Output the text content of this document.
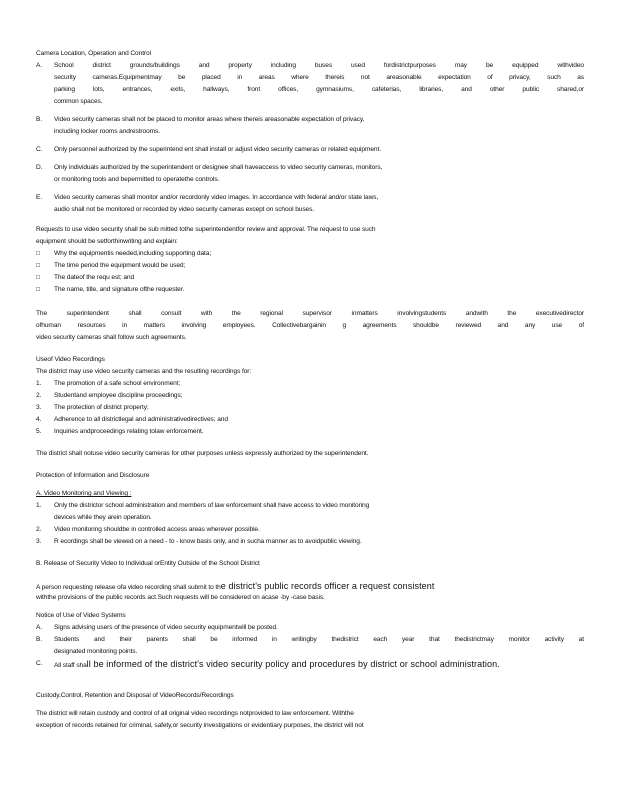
Camera Location, Operation and Control
A. School district grounds/buildings and property including buses used fordistrictpurposes may be equipped withvideo
security cameras.Equipmentmay be placed in areas where thereis not areasonable expectation of privacy, such as
parking lots, entrances, exits, hallways, front offices, gymnasiums, cafeterias, libraries, and other public shared,or
common spaces.
B. Video security cameras shall not be placed to monitor areas where thereis areasonable expectation of privacy,
including locker rooms andrestrooms.
C. Only personnel authorized by the superintend ent shall install or adjust video security cameras or related equipment.
D. Only individuals authorized by the superintendent or designee shall haveaccess to video security cameras, monitors,
or monitoring tools and bepermitted to operatethe controls.
E. Video security cameras shall monitor and/or recordonly video images. In accordance with federal and/or state laws,
audio shall not be monitored or recorded by video security cameras except on school buses.
Requests to use video security shall be sub mitted tothe superintendentfor review and approval. The request to use such
equipment should be setforthinwriting and explain:
□ Why the equipmentis needed,including supporting data;
□ The time period the equipment would be used;
□ The dateof the requ est; and
□ The name, title, and signature ofthe requester.
The superintendent shall consult with the regional supervisor inmatters involvingstudents andwith the executivedirector
ofhuman resources in matters involving employees. Collectivebargainin g agreements shouldbe reviewed and any use of
video security cameras shall follow such agreements.
Useof Video Recordings
The district may use video security cameras and the resulting recordings for:
1. The promotion of a safe school environment;
2. Studentand employee discipline proceedings;
3. The protection of district property;
4. Adherence to all districtlegal and administrativedirectives; and
5. Inquiries andproceedings relating tolaw enforcement.
The district shall notuse video security cameras for other purposes unless expressly authorized by the superintendent.
Protection of Information and Disclosure
A. Video Monitoring and Viewing :
1. Only the districtor school administration and members of law enforcement shall have access to video monitoring
devices while they arein operation.
2. Video monitoring shouldbe in controlled access areas wherever possible.
3. R ecordings shall be viewed on a need - to - know basis only, and in sucha manner as to avoidpublic viewing.
B. Release of Security Video to Individual orEntity Outside of the School District
A person requesting release ofa video recording shall submit to the district's public records officer a request consistent
withthe provisions of the public records act.Such requests will be considered on acase -by -case basis.
Notice of Use of Video Systems
A. Signs advising users of the presence of video security equipmentwill be posted.
B. Students and their parents shall be informed in writingby thedistrict each year that thedistrictmay monitor activity at
designated monitoring points.
C. All staff shall be informed of the district's video security policy and procedures by district or school administration.
Custody,Control, Retention and Disposal of VideoRecords/Recordings
The district will retain custody and control of all original video recordings notprovided to law enforcement. Withthe
exception of records retained for criminal, safety,or security investigations or evidentiary purposes, the district will not
